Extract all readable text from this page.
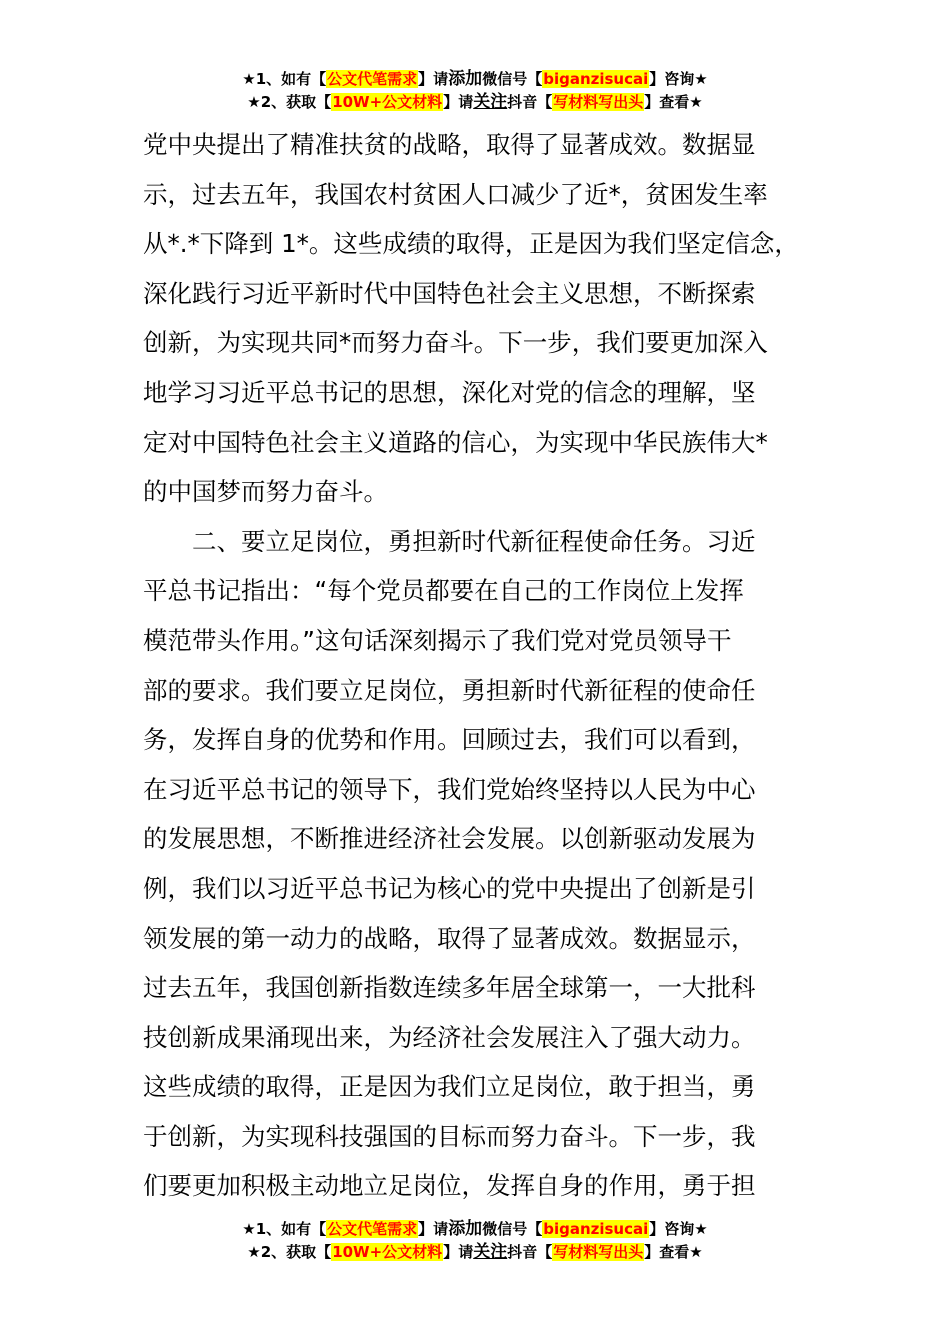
★1、如有【公文代笔需求】请添加微信号【biganzisucai】咨询★
★2、获取【10W+公文材料】请关注抖音【写材料写出头】查看★
党中央提出了精准扶贫的战略，取得了显著成效。数据显
示，过去五年，我国农村贫困人口减少了近*，贫困发生率
从*.*下降到 1*。这些成绩的取得，正是因为我们坚定信念，
深化践行习近平新时代中国特色社会主义思想，不断探索
创新，为实现共同*而努力奋斗。下一步，我们要更加深入
地学习习近平总书记的思想，深化对党的信念的理解，坚
定对中国特色社会主义道路的信心，为实现中华民族伟大*
的中国梦而努力奋斗。
二、要立足岗位，勇担新时代新征程使命任务。习近
平总书记指出：“每个党员都要在自己的工作岗位上发挥
模范带头作用。”这句话深刻揭示了我们党对党员领导干
部的要求。我们要立足岗位，勇担新时代新征程的使命任
务，发挥自身的优势和作用。回顾过去，我们可以看到，
在习近平总书记的领导下，我们党始终坚持以人民为中心
的发展思想，不断推进经济社会发展。以创新驱动发展为
例，我们以习近平总书记为核心的党中央提出了创新是引
领发展的第一动力的战略，取得了显著成效。数据显示，
过去五年，我国创新指数连续多年居全球第一，一大批科
技创新成果涌现出来，为经济社会发展注入了强大动力。
这些成绩的取得，正是因为我们立足岗位，敢于担当，勇
于创新，为实现科技强国的目标而努力奋斗。下一步，我
们要更加积极主动地立足岗位，发挥自身的作用，勇于担
★1、如有【公文代笔需求】请添加微信号【biganzisucai】咨询★
★2、获取【10W+公文材料】请关注抖音【写材料写出头】查看★
